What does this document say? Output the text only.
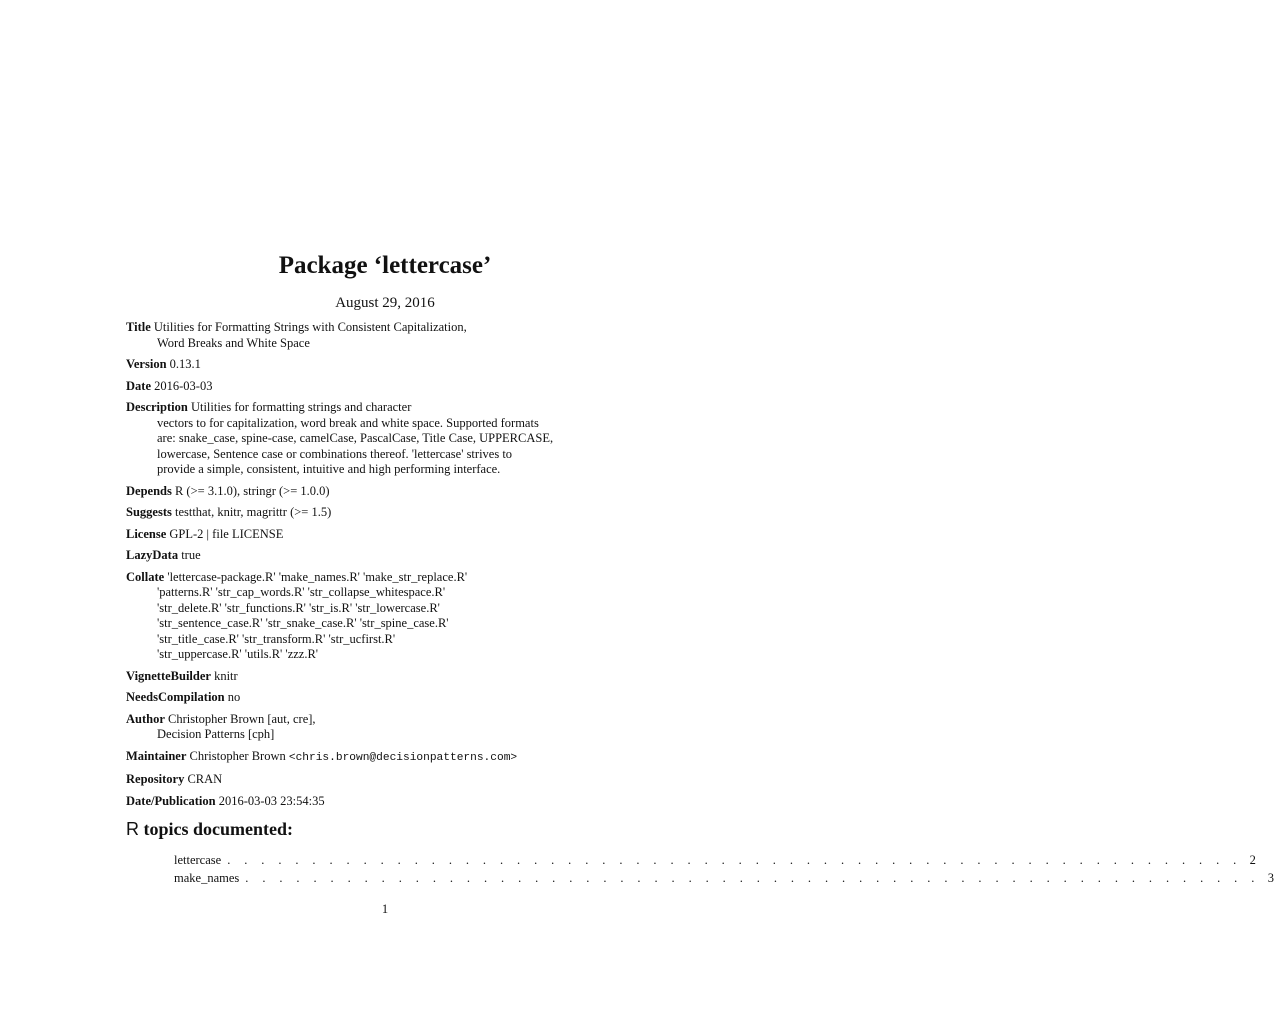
Package ‘lettercase’
August 29, 2016
Title Utilities for Formatting Strings with Consistent Capitalization,
Word Breaks and White Space
Version 0.13.1
Date 2016-03-03
Description Utilities for formatting strings and character
vectors to for capitalization, word break and white space. Supported formats
are: snake_case, spine-case, camelCase, PascalCase, Title Case, UPPERCASE,
lowercase, Sentence case or combinations thereof. 'lettercase' strives to
provide a simple, consistent, intuitive and high performing interface.
Depends R (>= 3.1.0), stringr (>= 1.0.0)
Suggests testthat, knitr, magrittr (>= 1.5)
License GPL-2 | file LICENSE
LazyData true
Collate 'lettercase-package.R' 'make_names.R' 'make_str_replace.R'
'patterns.R' 'str_cap_words.R' 'str_collapse_whitespace.R'
'str_delete.R' 'str_functions.R' 'str_is.R' 'str_lowercase.R'
'str_sentence_case.R' 'str_snake_case.R' 'str_spine_case.R'
'str_title_case.R' 'str_transform.R' 'str_ucfirst.R'
'str_uppercase.R' 'utils.R' 'zzz.R'
VignetteBuilder knitr
NeedsCompilation no
Author Christopher Brown [aut, cre],
Decision Patterns [cph]
Maintainer Christopher Brown <chris.brown@decisionpatterns.com>
Repository CRAN
Date/Publication 2016-03-03 23:54:35
R topics documented:
lettercase . . . . . . . . . . . . . . . . . . . . . . . . . . . . . . . . . . . . . . . . . . . . . . . . . . . . . . . . . . . . 2
make_names . . . . . . . . . . . . . . . . . . . . . . . . . . . . . . . . . . . . . . . . . . . . . . . . . . . . . . . . . . . . 3
1
